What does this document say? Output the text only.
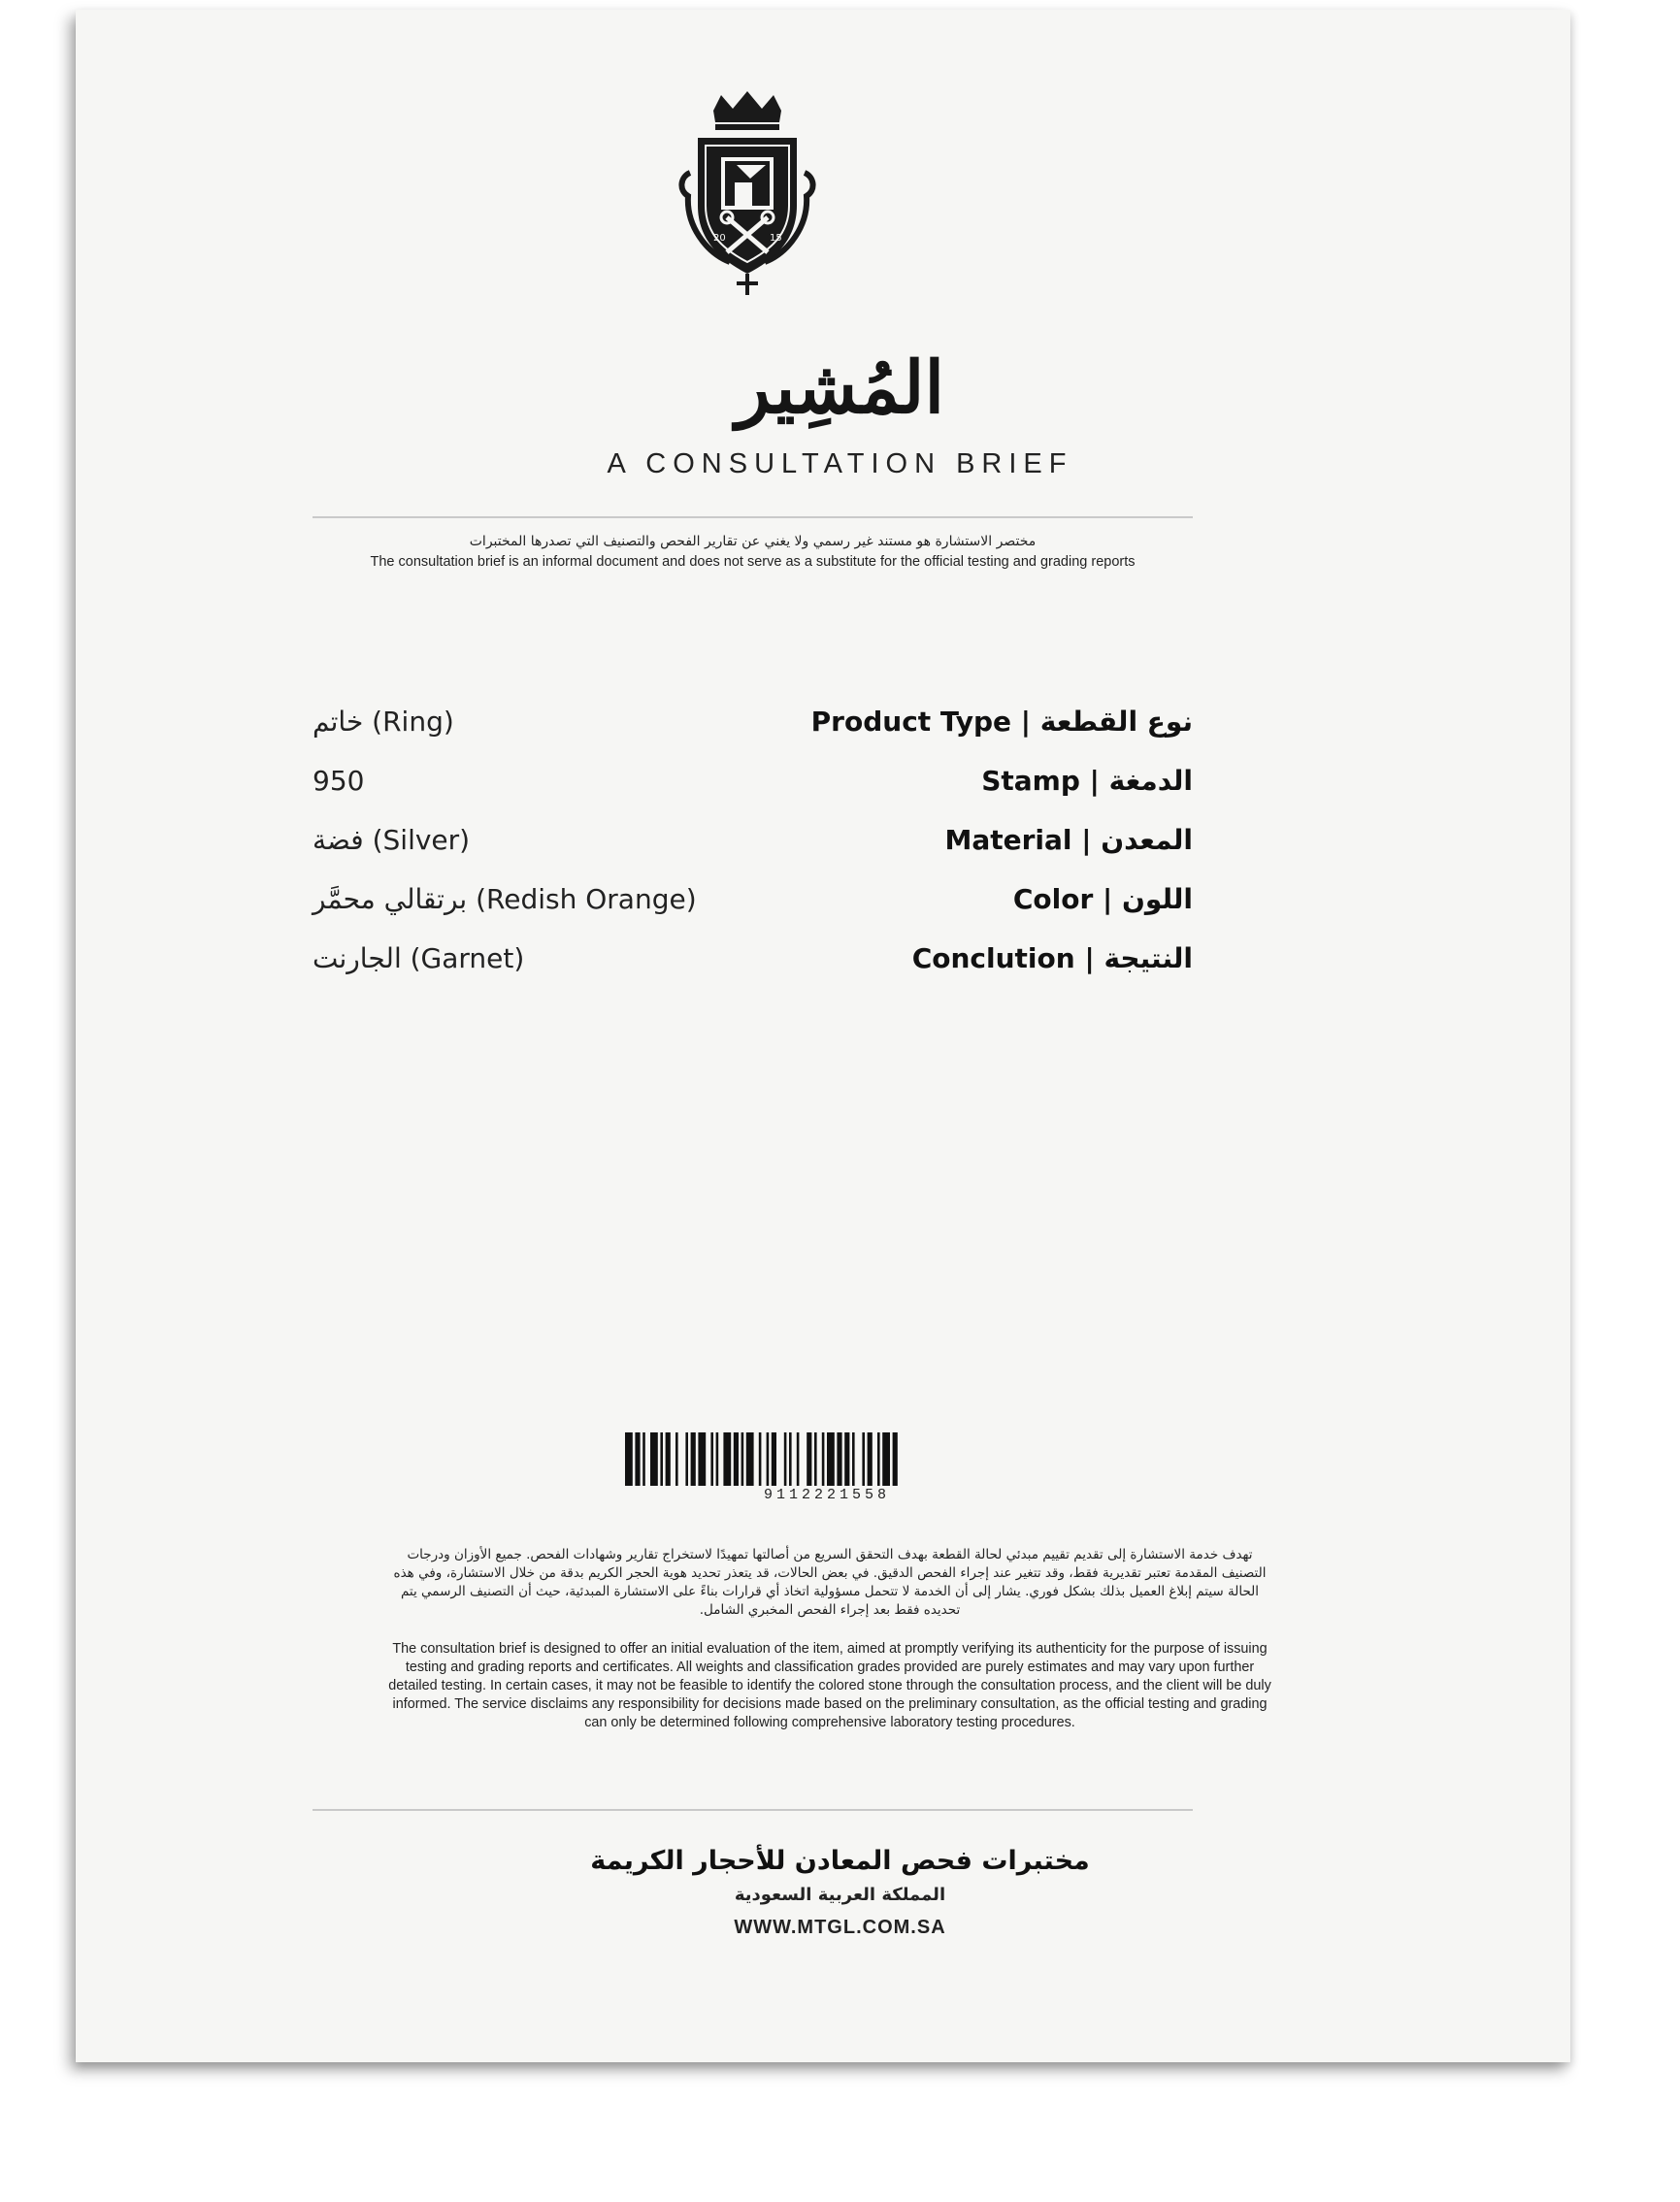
20	15
المُشِير
A CONSULTATION BRIEF
مختصر الاستشارة هو مستند غير رسمي ولا يغني عن تقارير الفحص والتصنيف التي تصدرها المختبرات
The consultation brief is an informal document and does not serve as a substitute for the official testing and grading reports
خاتم (Ring)	Product Type | نوع القطعة
950	Stamp | الدمغة
فضة (Silver)	Material | المعدن
برتقالي محمَّر (Redish Orange)	Color | اللون
الجارنت (Garnet)	Conclution | النتيجة
9112221558
تهدف خدمة الاستشارة إلى تقديم تقييم مبدئي لحالة القطعة بهدف التحقق السريع من أصالتها تمهيدًا لاستخراج تقارير وشهادات الفحص. جميع الأوزان ودرجات التصنيف المقدمة تعتبر تقديرية فقط، وقد تتغير عند إجراء الفحص الدقيق. في بعض الحالات، قد يتعذر تحديد هوية الحجر الكريم بدقة من خلال الاستشارة، وفي هذه الحالة سيتم إبلاغ العميل بذلك بشكل فوري. يشار إلى أن الخدمة لا تتحمل مسؤولية اتخاذ أي قرارات بناءً على الاستشارة المبدئية، حيث أن التصنيف الرسمي يتم تحديده فقط بعد إجراء الفحص المخبري الشامل.
The consultation brief is designed to offer an initial evaluation of the item, aimed at promptly verifying its authenticity for the purpose of issuing testing and grading reports and certificates. All weights and classification grades provided are purely estimates and may vary upon further detailed testing. In certain cases, it may not be feasible to identify the colored stone through the consultation process, and the client will be duly informed. The service disclaims any responsibility for decisions made based on the preliminary consultation, as the official testing and grading can only be determined following comprehensive laboratory testing procedures.
مختبرات فحص المعادن للأحجار الكريمة
المملكة العربية السعودية
WWW.MTGL.COM.SA
